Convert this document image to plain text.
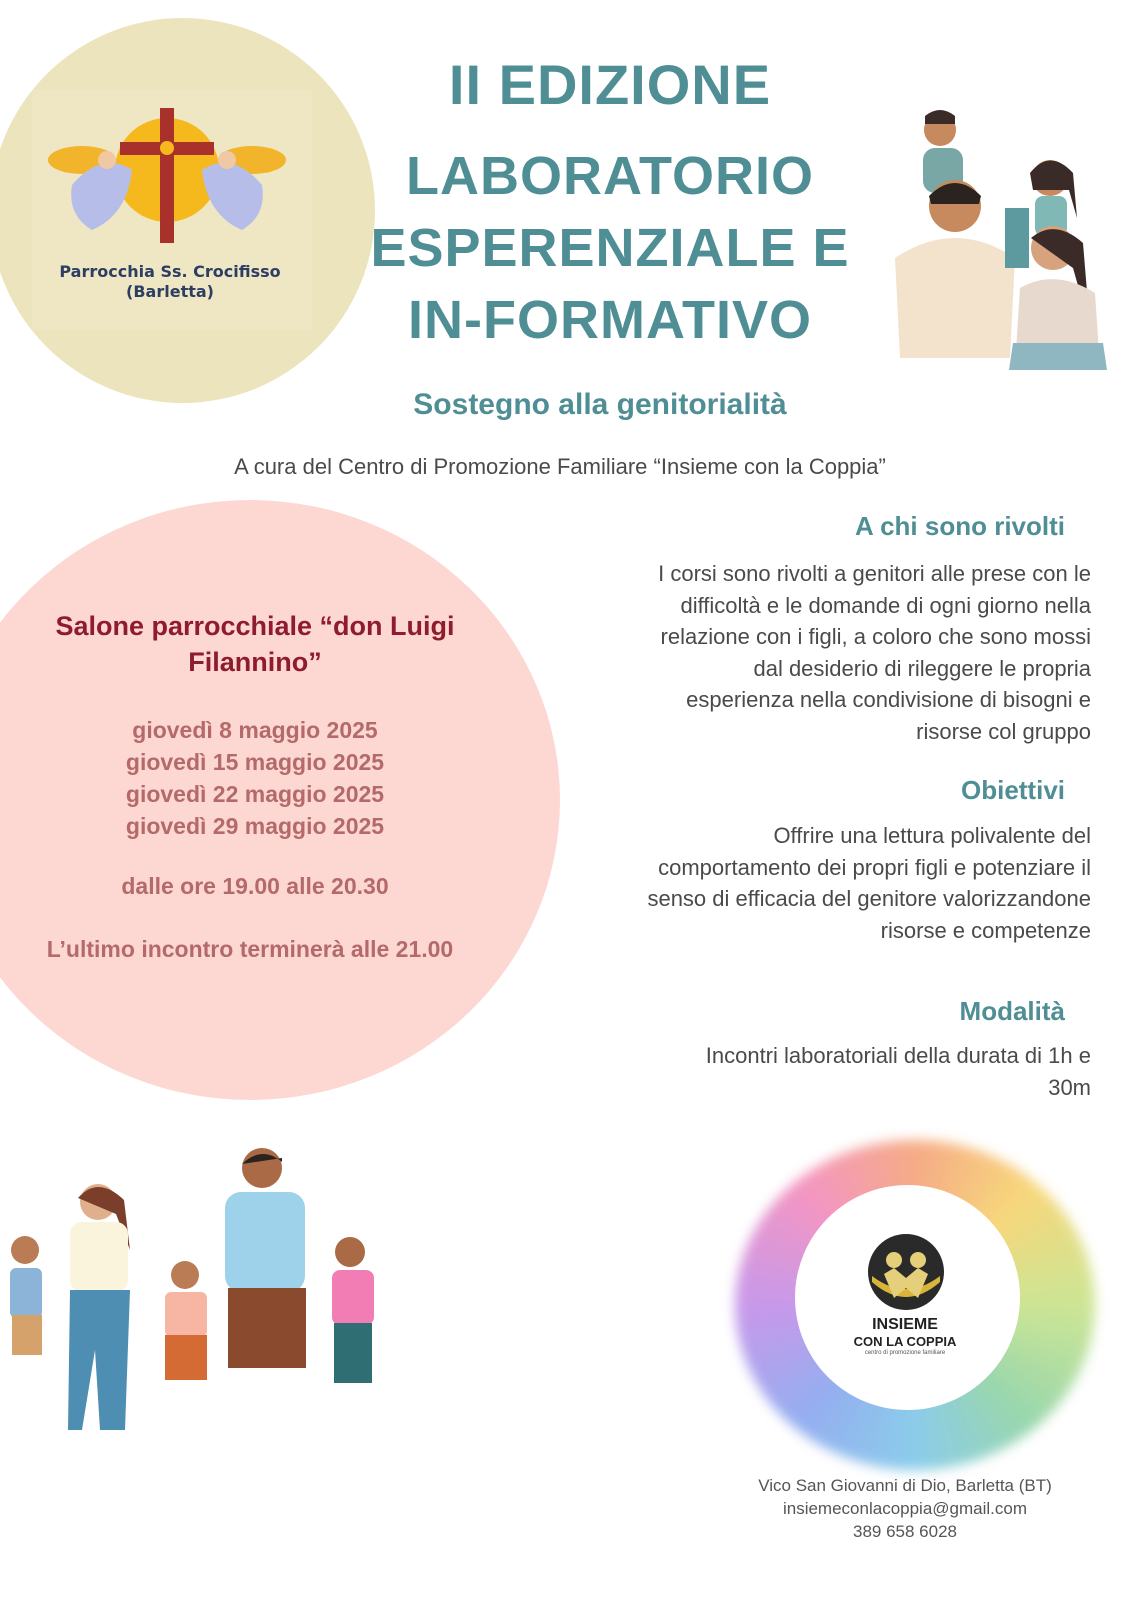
Parrocchia Ss. Crocifisso
(Barletta)
II EDIZIONE
LABORATORIO
ESPERENZIALE E
IN-FORMATIVO
Sostegno alla genitorialità
A cura del Centro di Promozione Familiare “Insieme con la Coppia”
Salone parrocchiale “don Luigi
Filannino”
giovedì 8 maggio 2025
giovedì 15 maggio 2025
giovedì 22 maggio 2025
giovedì 29 maggio 2025
dalle ore 19.00 alle 20.30
L’ultimo incontro terminerà alle 21.00
A chi sono rivolti
I corsi sono rivolti a genitori alle prese con le
difficoltà e le domande di ogni giorno nella
relazione con i figli, a coloro che sono mossi
dal desiderio di rileggere le propria
esperienza nella condivisione di bisogni e
risorse col gruppo
Obiettivi
Offrire una lettura polivalente del
comportamento dei propri figli e potenziare il
senso di efficacia del genitore valorizzandone
risorse e competenze
Modalità
Incontri laboratoriali della durata di 1h e
30m
INSIEME
CON LA COPPIA
centro di promozione familiare
Vico San Giovanni di Dio, Barletta (BT)
insiemeconlacoppia@gmail.com
389 658 6028
